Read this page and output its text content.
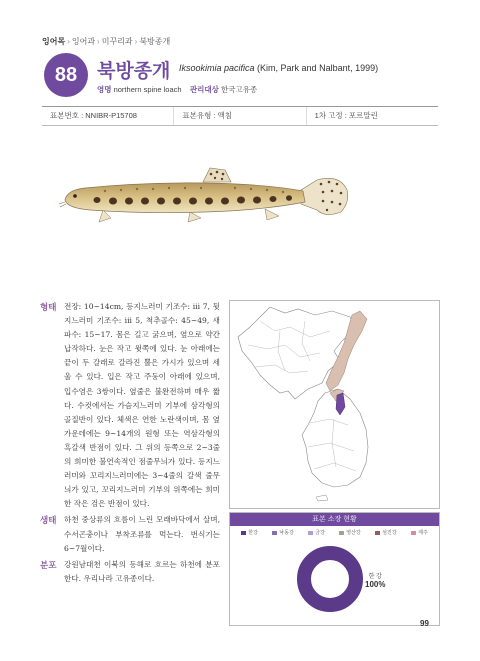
잉어목 › 잉어과 › 미꾸리과 › 북방종개
88	북방종개 Iksookimia pacifica (Kim, Park and Nalbant, 1999)
영명 northern spine loach 관리대상 한국고유종
표본번호 : NNIBR-P15708	표본유형 : 액침	1차 고정 : 포르말린
형태 전장: 10~14cm, 등지느러미 기조수: iii 7, 뒷지느러미 기조수: iii 5, 척추골수: 45~49, 새파수: 15~17. 몸은 길고 굵으며, 옆으로 약간 납작하다. 눈은 작고 윗쪽에 있다. 눈 아래에는 끝이 두 갈래로 갈라진 뿔은 가시가 있으며 세울 수 있다. 입은 작고 주둥이 아래에 있으며, 입수염은 3쌍이다. 옆줄은 불완전하며 매우 짧다. 수컷에서는 가슴지느러미 기부에 삼각형의 골질반이 있다. 체색은 연한 노란색이며, 몸 옆 가운데에는 9~14개의 원형 또는 역삼각형의 흑갈색 반점이 있다. 그 위의 등쪽으로 2~3줄의 희미한 불연속적인 점줄무늬가 있다. 등지느러미와 꼬리지느러미에는 3~4줄의 갈색 줄무늬가 있고, 꼬리지느러미 기부의 위쪽에는 희미한 작은 검은 반점이 있다.
생태 하천 중상류의 흐름이 느린 모래바닥에서 살며, 수서곤충이나 부착조류를 먹는다. 번식기는 6~7월이다.
분포 강원남대천 이북의 동해로 흐르는 하천에 분포한다. 우리나라 고유종이다.
표본 소장 현황
한강	낙동강	금강	영산강	섬진강	제주
한 강
100%
99
